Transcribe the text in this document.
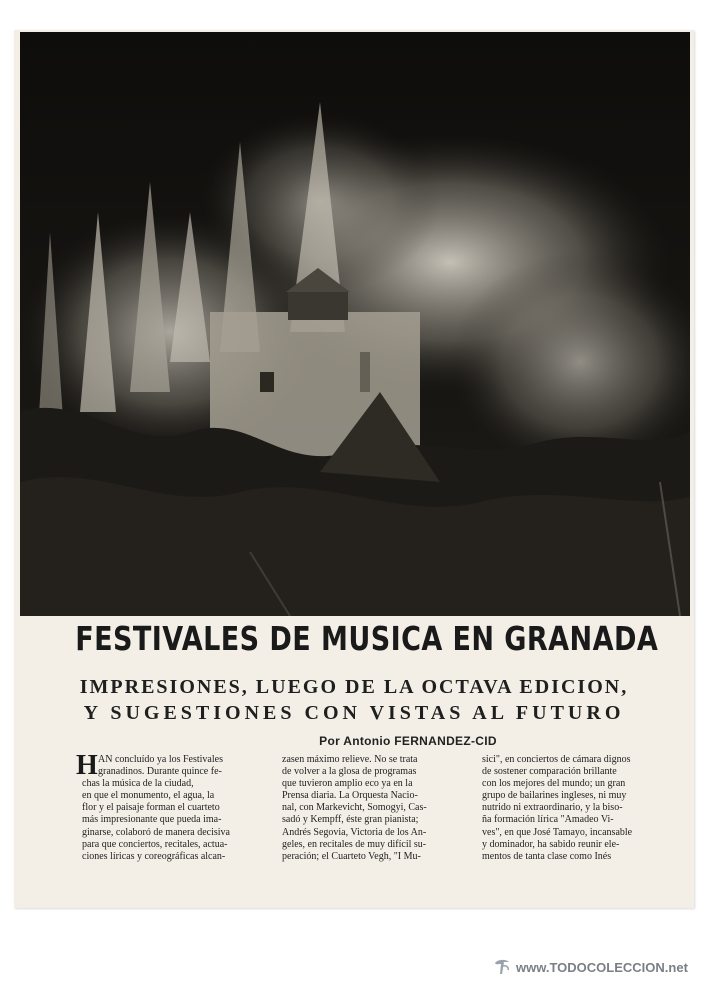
FESTIVALES DE MUSICA EN GRANADA
IMPRESIONES, LUEGO DE LA OCTAVA EDICION,
Y SUGESTIONES CON VISTAS AL FUTURO
Por Antonio FERNANDEZ-CID
H AN concluído ya los Festivales
granadinos. Durante quince fe-
chas la música de la ciudad,
en que el monumento, el agua, la
flor y el paisaje forman el cuarteto
más impresionante que pueda ima-
ginarse, colaboró de manera decisiva
para que conciertos, recitales, actua-
ciones líricas y coreográficas alcan-
zasen máximo relieve. No se trata
de volver a la glosa de programas
que tuvieron amplio eco ya en la
Prensa diaria. La Orquesta Nacio-
nal, con Markevicht, Somogyi, Cas-
sadó y Kempff, éste gran pianista;
Andrés Segovia, Victoria de los An-
geles, en recitales de muy difícil su-
peración; el Cuarteto Vegh, "I Mu-
sici", en conciertos de cámara dignos
de sostener comparación brillante
con los mejores del mundo; un gran
grupo de bailarines ingleses, ni muy
nutrido ni extraordinario, y la biso-
ña formación lírica "Amadeo Vi-
ves", en que José Tamayo, incansable
y dominador, ha sabido reunir ele-
mentos de tanta clase como Inés
www.TODOCOLECCION.net
